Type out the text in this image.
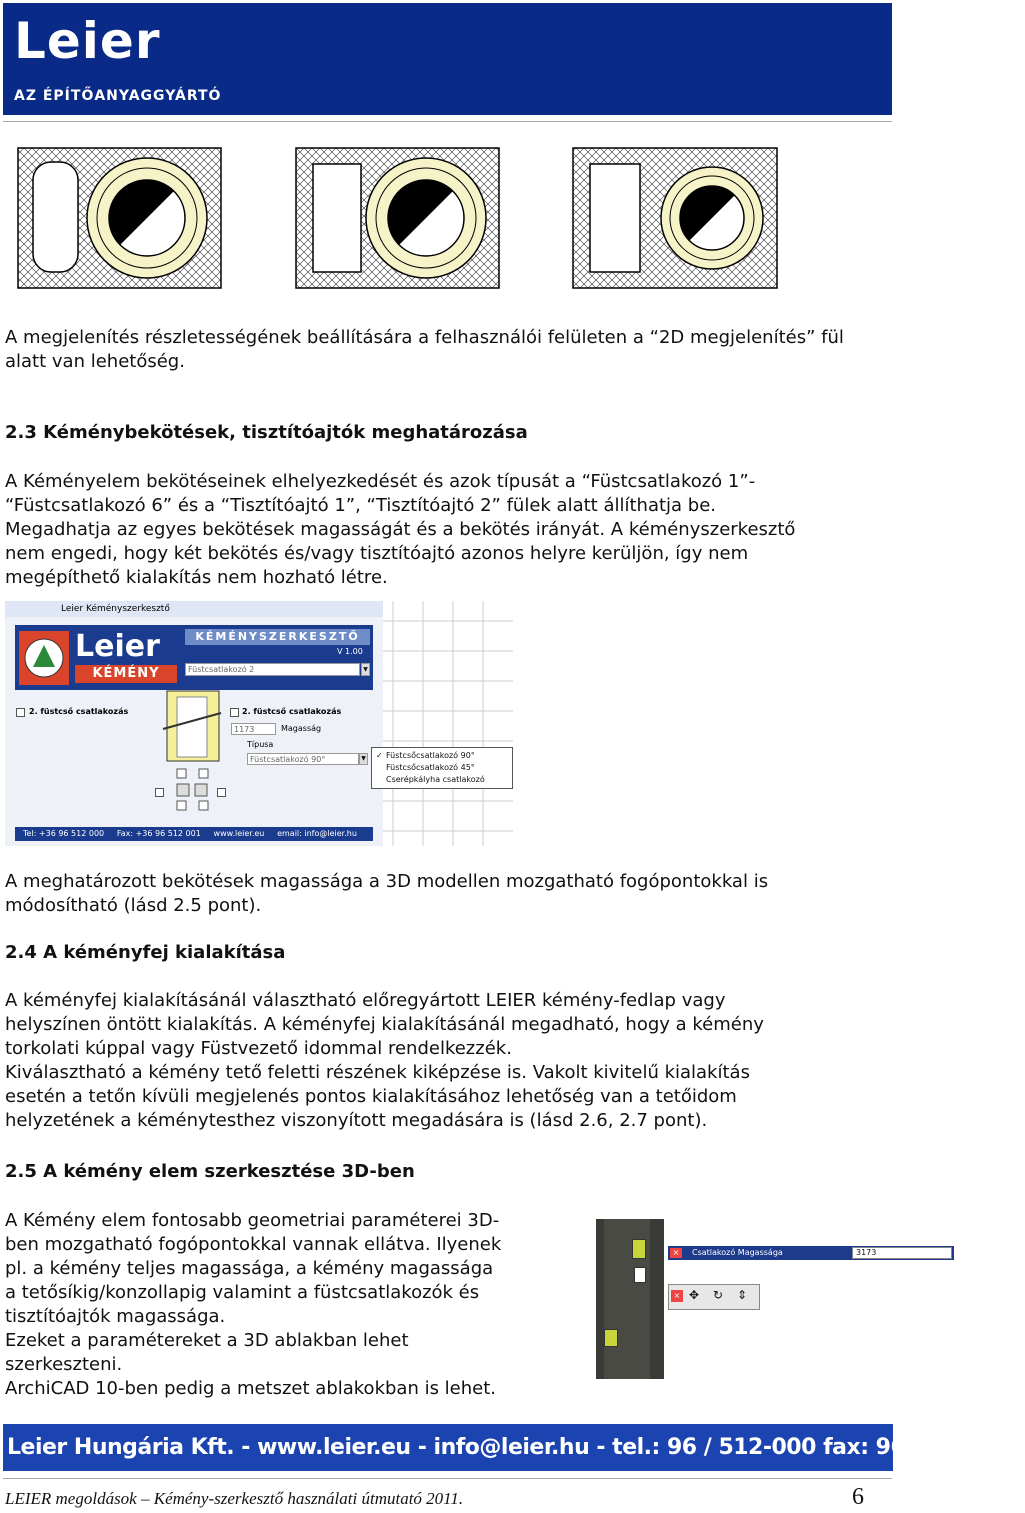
Leier
AZ ÉPÍTŐANYAGGYÁRTÓ
A megjelenítés részletességének beállítására a felhasználói felületen a “2D megjelenítés” fül alatt van lehetőség.
2.3 Kéménybekötések, tisztítóajtók meghatározása
A Kéményelem bekötéseinek elhelyezkedését és azok típusát a “Füstcsatlakozó 1”-
“Füstcsatlakozó 6” és a “Tisztítóajtó 1”, “Tisztítóajtó 2” fülek alatt állíthatja be.
Megadhatja az egyes bekötések magasságát és a bekötés irányát. A kéményszerkesztő
nem engedi, hogy két bekötés és/vagy tisztítóajtó azonos helyre kerüljön, így nem
megépíthető kialakítás nem hozható létre.
Leier Kéményszerkesztő
Leier
KÉMÉNY
KÉMÉNYSZERKESZTŐ
V 1.00
Füstcsatlakozó 2	▼
2. füstcső csatlakozás	2. füstcső csatlakozás
1173	Magasság
Típusa
Füstcsatlakozó 90°	▼ ✓ Füstcsőcsatlakozó 90°
Füstcsőcsatlakozó 45°
Cserépkályha csatlakozó
Tel: +36 96 512 000     Fax: +36 96 512 001     www.leier.eu     email: info@leier.hu
A meghatározott bekötések magassága a 3D modellen mozgatható fogópontokkal is
módosítható (lásd 2.5 pont).
2.4 A kéményfej kialakítása
A kéményfej kialakításánál választható előregyártott LEIER kémény-fedlap vagy
helyszínen öntött kialakítás. A kéményfej kialakításánál megadható, hogy a kémény
torkolati kúppal vagy Füstvezető idommal rendelkezzék.
Kiválasztható a kémény tető feletti részének kiképzése is. Vakolt kivitelű kialakítás
esetén a tetőn kívüli megjelenés pontos kialakításához lehetőség van a tetőidom
helyzetének a kéménytesthez viszonyított megadására is (lásd 2.6, 2.7 pont).
2.5 A kémény elem szerkesztése 3D-ben
A Kémény elem fontosabb geometriai paraméterei 3D-
ben mozgatható fogópontokkal vannak ellátva. Ilyenek
pl. a kémény teljes magassága, a kémény magassága
a tetősíkig/konzollapig valamint a füstcsatlakozók és
tisztítóajtók magassága.
Ezeket a paramétereket a 3D ablakban lehet
szerkeszteni.
ArchiCAD 10-ben pedig a metszet ablakokban is lehet.
×	Csatlakozó Magassága	3173
× ✥ ↻ ⇕
Leier Hungária Kft. - www.leier.eu - info@leier.hu - tel.: 96 / 512-000 fax: 96 / 512-001
LEIER megoldások – Kémény-szerkesztő használati útmutató 2011.	6
